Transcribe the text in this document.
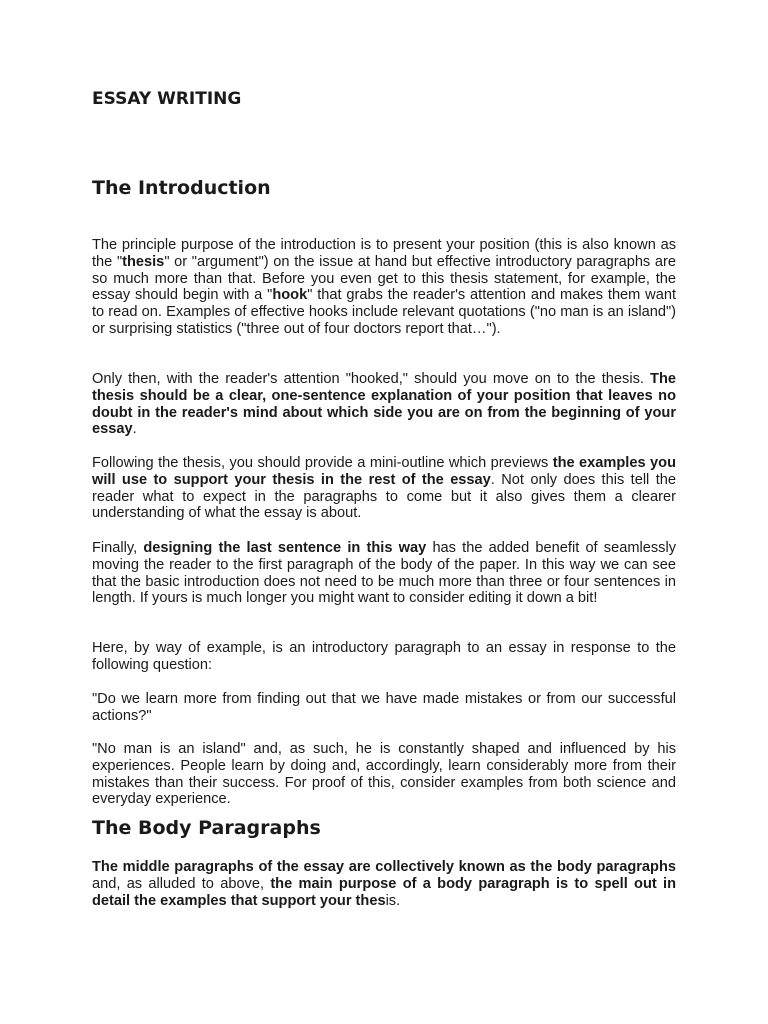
ESSAY WRITING
The Introduction

The principle purpose of the introduction is to present your position (this is also known as the "thesis" or "argument") on the issue at hand but effective introductory paragraphs are so much more than that. Before you even get to this thesis statement, for example, the essay should begin with a "hook" that grabs the reader's attention and makes them want to read on. Examples of effective hooks include relevant quotations ("no man is an island") or surprising statistics ("three out of four doctors report that…").

Only then, with the reader's attention "hooked," should you move on to the thesis. The thesis should be a clear, one-sentence explanation of your position that leaves no doubt in the reader's mind about which side you are on from the beginning of your essay.

Following the thesis, you should provide a mini-outline which previews the examples you will use to support your thesis in the rest of the essay. Not only does this tell the reader what to expect in the paragraphs to come but it also gives them a clearer understanding of what the essay is about.

Finally, designing the last sentence in this way has the added benefit of seamlessly moving the reader to the first paragraph of the body of the paper. In this way we can see that the basic introduction does not need to be much more than three or four sentences in length. If yours is much longer you might want to consider editing it down a bit!

Here, by way of example, is an introductory paragraph to an essay in response to the following question:

"Do we learn more from finding out that we have made mistakes or from our successful actions?"

"No man is an island" and, as such, he is constantly shaped and influenced by his experiences. People learn by doing and, accordingly, learn considerably more from their mistakes than their success. For proof of this, consider examples from both science and everyday experience.

The Body Paragraphs

The middle paragraphs of the essay are collectively known as the body paragraphs and, as alluded to above, the main purpose of a body paragraph is to spell out in detail the examples that support your thesis.
